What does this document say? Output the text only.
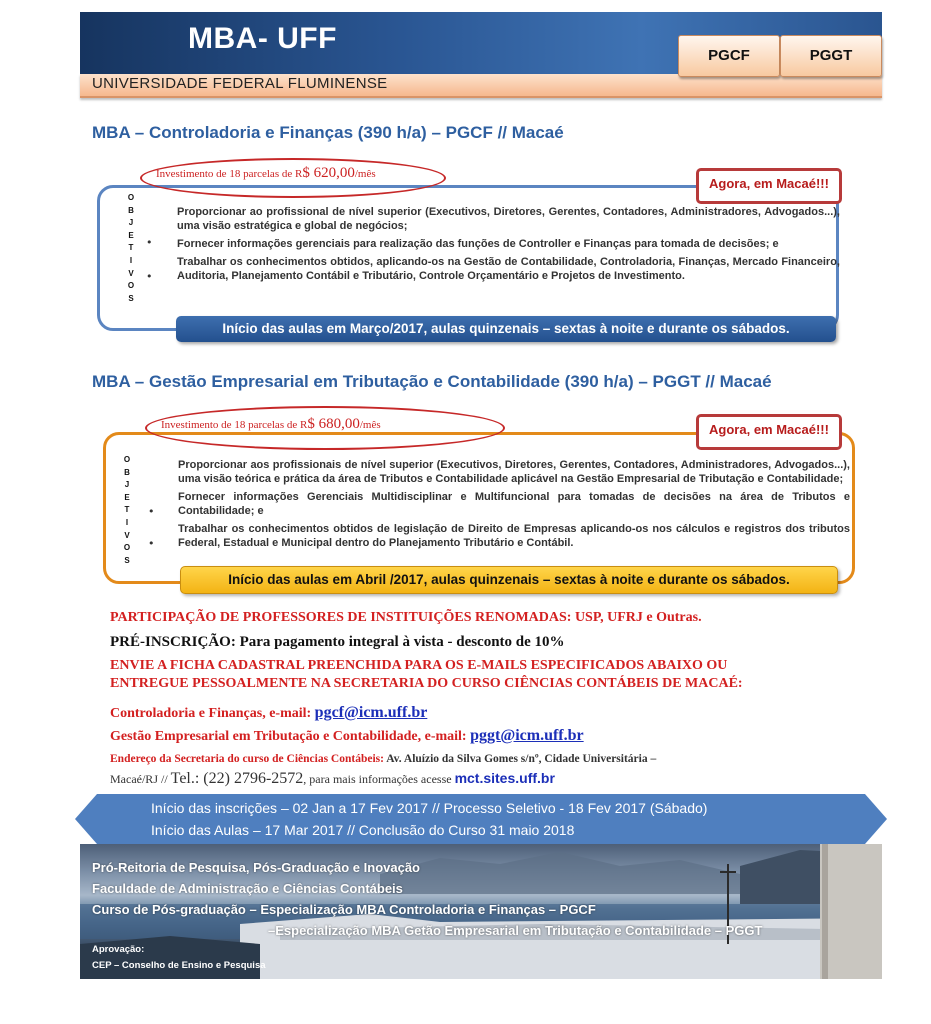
MBA- UFF
UNIVERSIDADE FEDERAL FLUMINENSE
PGCF	PGGT
MBA – Controladoria e Finanças (390 h/a) – PGCF // Macaé
Investimento de 18 parcelas de R$ 620,00/mês
Agora, em Macaé!!!
O
B
J
E
T
I
V
O
S
•
•
Proporcionar ao profissional de nível superior (Executivos, Diretores, Gerentes, Contadores, Administradores, Advogados...), uma visão estratégica e global de negócios;
Fornecer informações gerenciais para realização das funções de Controller e Finanças para tomada de decisões; e
Trabalhar os conhecimentos obtidos, aplicando-os na Gestão de Contabilidade, Controladoria, Finanças, Mercado Financeiro, Auditoria, Planejamento Contábil e Tributário, Controle Orçamentário e Projetos de Investimento.
Início das aulas em Março/2017, aulas quinzenais – sextas à noite e durante os sábados.
MBA – Gestão Empresarial em Tributação e Contabilidade (390 h/a) – PGGT // Macaé
Investimento de 18 parcelas de R$ 680,00/mês	Agora, em Macaé!!!
O
B
J
E
T
I
V
O
S
•
•
Proporcionar aos profissionais de nível superior (Executivos, Diretores, Gerentes, Contadores, Administradores, Advogados...), uma visão teórica e prática da área de Tributos e Contabilidade aplicável na Gestão Empresarial de Tributação e Contabilidade;
Fornecer informações Gerenciais Multidisciplinar e Multifuncional para tomadas de decisões na área de Tributos e Contabilidade; e
Trabalhar os conhecimentos obtidos de legislação de Direito de Empresas aplicando-os nos cálculos e registros dos tributos Federal, Estadual e Municipal dentro do Planejamento Tributário e Contábil.
Início das aulas em Abril /2017, aulas quinzenais – sextas à noite e durante os sábados.
PARTICIPAÇÃO DE PROFESSORES DE INSTITUIÇÕES RENOMADAS: USP, UFRJ e Outras.
PRÉ-INSCRIÇÃO: Para pagamento integral à vista - desconto de 10%
ENVIE A FICHA CADASTRAL PREENCHIDA PARA OS E-MAILS ESPECIFICADOS ABAIXO OU
ENTREGUE PESSOALMENTE NA SECRETARIA DO CURSO CIÊNCIAS CONTÁBEIS DE MACAÉ:
Controladoria e Finanças, e-mail: pgcf@icm.uff.br
Gestão Empresarial em Tributação e Contabilidade, e-mail: pggt@icm.uff.br
Endereço da Secretaria do curso de Ciências Contábeis: Av. Aluízio da Silva Gomes s/nº, Cidade Universitária –
Macaé/RJ // Tel.: (22) 2796-2572, para mais informações acesse mct.sites.uff.br
Início das inscrições – 02 Jan a 17 Fev 2017 // Processo Seletivo - 18 Fev 2017 (Sábado)
Início das Aulas – 17 Mar 2017 // Conclusão do Curso 31 maio 2018
Pró-Reitoria de Pesquisa, Pós-Graduação e Inovação
Faculdade de Administração e Ciências Contábeis
Curso de Pós-graduação – Especialização MBA Controladoria e Finanças – PGCF
–Especialização MBA Getão Empresarial em Tributação e Contabilidade – PGGT
Aprovação:
CEP – Conselho de Ensino e Pesquisa
